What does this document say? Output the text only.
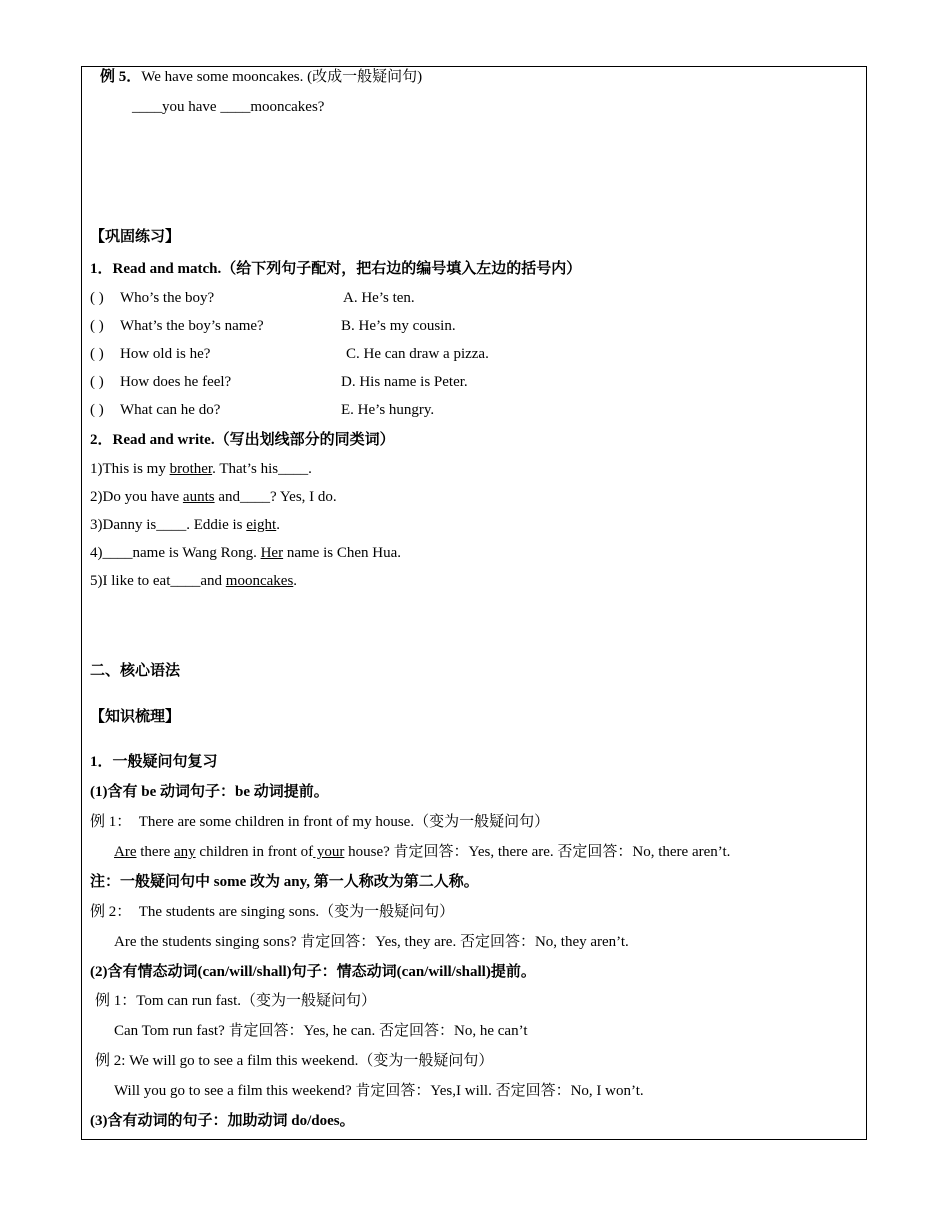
例 5．We have some mooncakes. (改成一般疑问句)
____you have ____mooncakes?
【巩固练习】
1．Read and match.（给下列句子配对，把右边的编号填入左边的括号内）
( ) Who’s the boy?	A. He’s ten.
( ) What’s the boy’s name?	B. He’s my cousin.
( ) How old is he?	C. He can draw a pizza.
( ) How does he feel?	D. His name is Peter.
( ) What can he do?	E. He’s hungry.
2．Read and write.（写出划线部分的同类词）
1)This is my brother. That’s his____.
2)Do you have aunts and____? Yes, I do.
3)Danny is____. Eddie is eight.
4)____name is Wang Rong. Her name is Chen Hua.
5)I like to eat____and mooncakes.
二、核心语法
【知识梳理】
1．一般疑问句复习
(1)含有 be 动词句子：be 动词提前。
例 1： There are some children in front of my house.（变为一般疑问句）
Are there any children in front of your house? 肯定回答：Yes, there are. 否定回答：No, there aren’t.
注：一般疑问句中 some 改为 any, 第一人称改为第二人称。
例 2： The students are singing sons.（变为一般疑问句）
Are the students singing sons? 肯定回答：Yes, they are. 否定回答：No, they aren’t.
(2)含有情态动词(can/will/shall)句子：情态动词(can/will/shall)提前。
例 1：Tom can run fast.（变为一般疑问句）
Can Tom run fast? 肯定回答：Yes, he can. 否定回答：No, he can’t
例 2: We will go to see a film this weekend.（变为一般疑问句）
Will you go to see a film this weekend? 肯定回答：Yes,I will. 否定回答：No, I won’t.
(3)含有动词的句子：加助动词 do/does。
